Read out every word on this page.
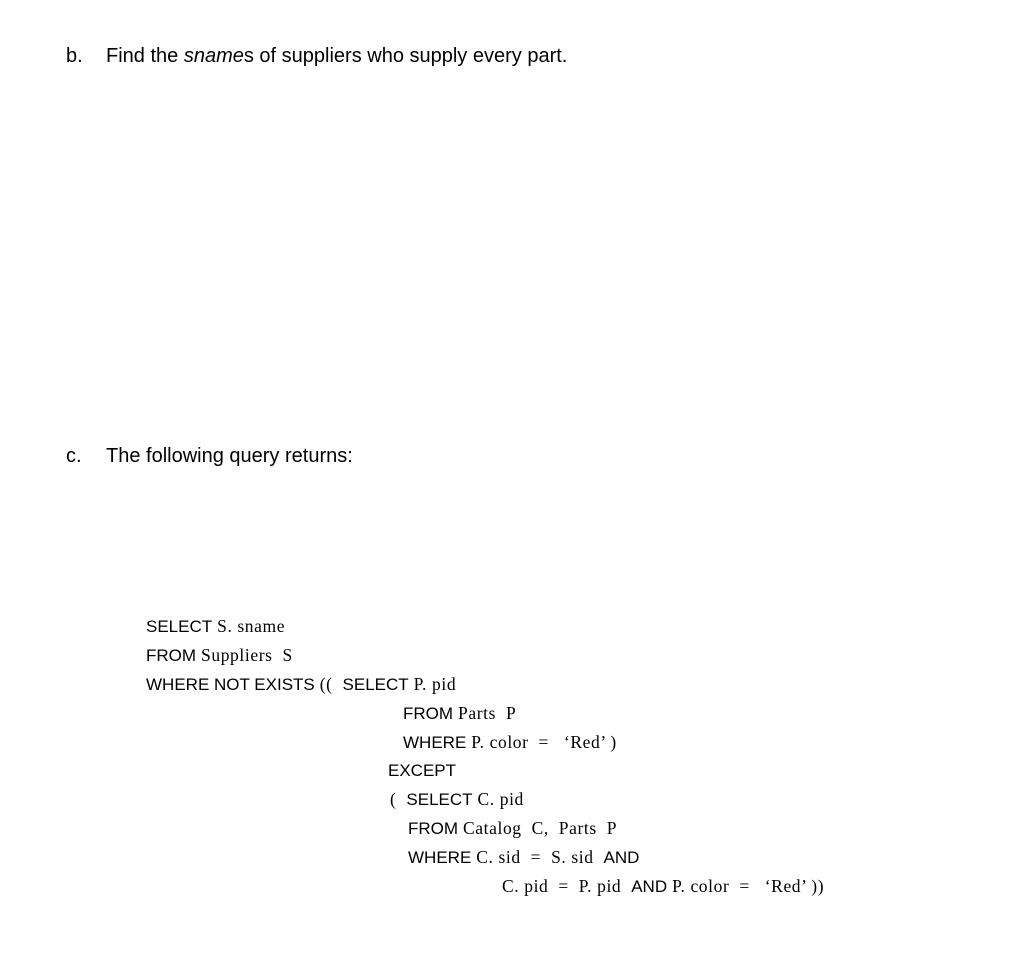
b. Find the snames of suppliers who supply every part.
c. The following query returns:
SELECT S. sname
FROM Suppliers  S
WHERE NOT EXISTS ((  SELECT P. pid
FROM Parts  P
WHERE P. color  =   ‘Red’ )
EXCEPT
(  SELECT C. pid
FROM Catalog  C,  Parts  P
WHERE C. sid  =  S. sid  AND
C. pid  =  P. pid  AND P. color  =   ‘Red’ ))
